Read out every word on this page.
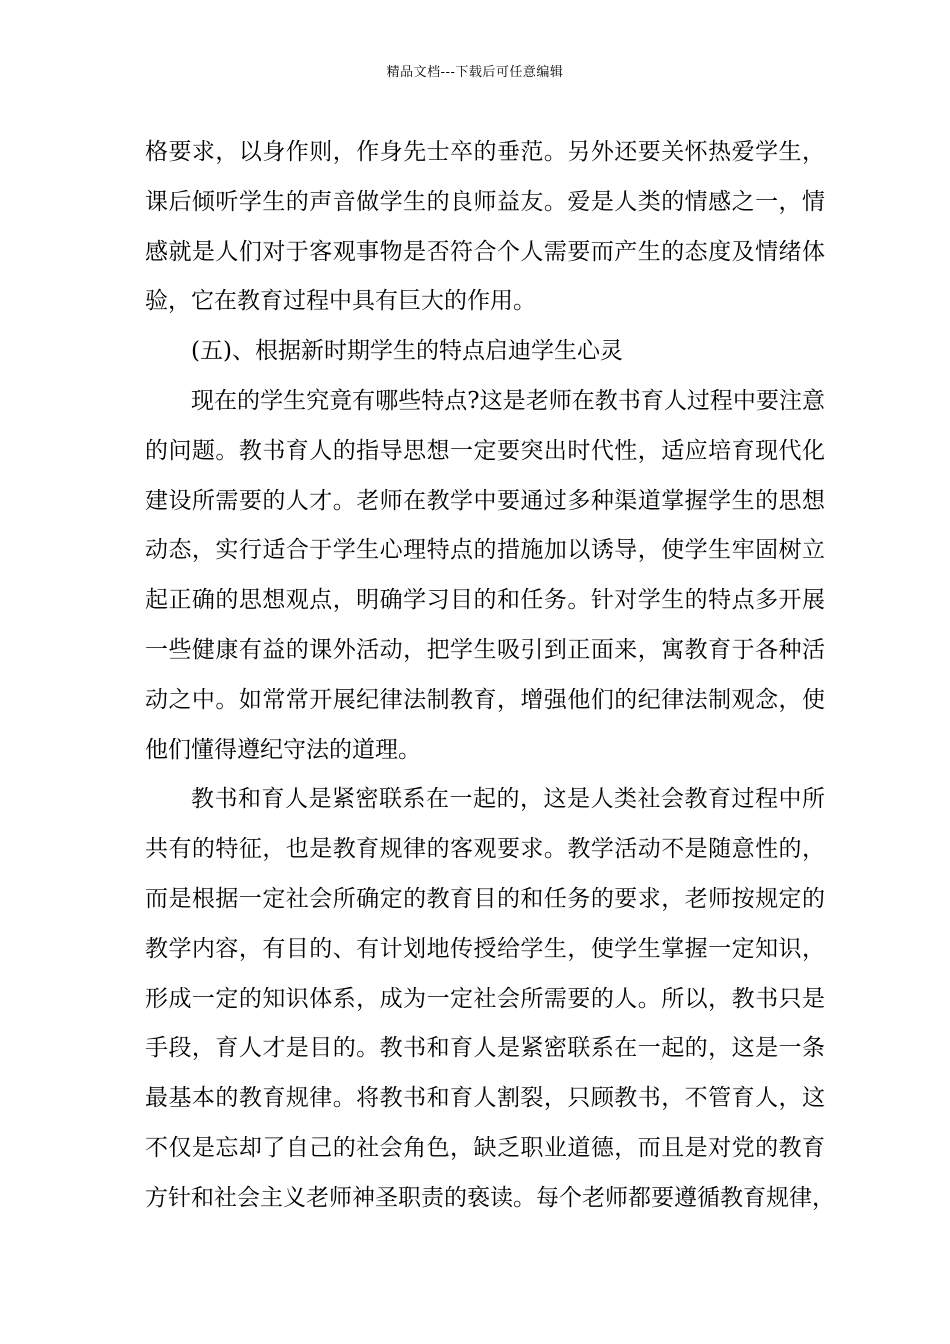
精品文档---下载后可任意编辑
格要求，以身作则，作身先士卒的垂范。另外还要关怀热爱学生，
课后倾听学生的声音做学生的良师益友。爱是人类的情感之一，情
感就是人们对于客观事物是否符合个人需要而产生的态度及情绪体
验，它在教育过程中具有巨大的作用。
(五)、根据新时期学生的特点启迪学生心灵
现在的学生究竟有哪些特点?这是老师在教书育人过程中要注意
的问题。教书育人的指导思想一定要突出时代性，适应培育现代化
建设所需要的人才。老师在教学中要通过多种渠道掌握学生的思想
动态，实行适合于学生心理特点的措施加以诱导，使学生牢固树立
起正确的思想观点，明确学习目的和任务。针对学生的特点多开展
一些健康有益的课外活动，把学生吸引到正面来，寓教育于各种活
动之中。如常常开展纪律法制教育，增强他们的纪律法制观念，使
他们懂得遵纪守法的道理。
教书和育人是紧密联系在一起的，这是人类社会教育过程中所
共有的特征，也是教育规律的客观要求。教学活动不是随意性的，
而是根据一定社会所确定的教育目的和任务的要求，老师按规定的
教学内容，有目的、有计划地传授给学生，使学生掌握一定知识，
形成一定的知识体系，成为一定社会所需要的人。所以，教书只是
手段，育人才是目的。教书和育人是紧密联系在一起的，这是一条
最基本的教育规律。将教书和育人割裂，只顾教书，不管育人，这
不仅是忘却了自己的社会角色，缺乏职业道德，而且是对党的教育
方针和社会主义老师神圣职责的亵读。每个老师都要遵循教育规律，
